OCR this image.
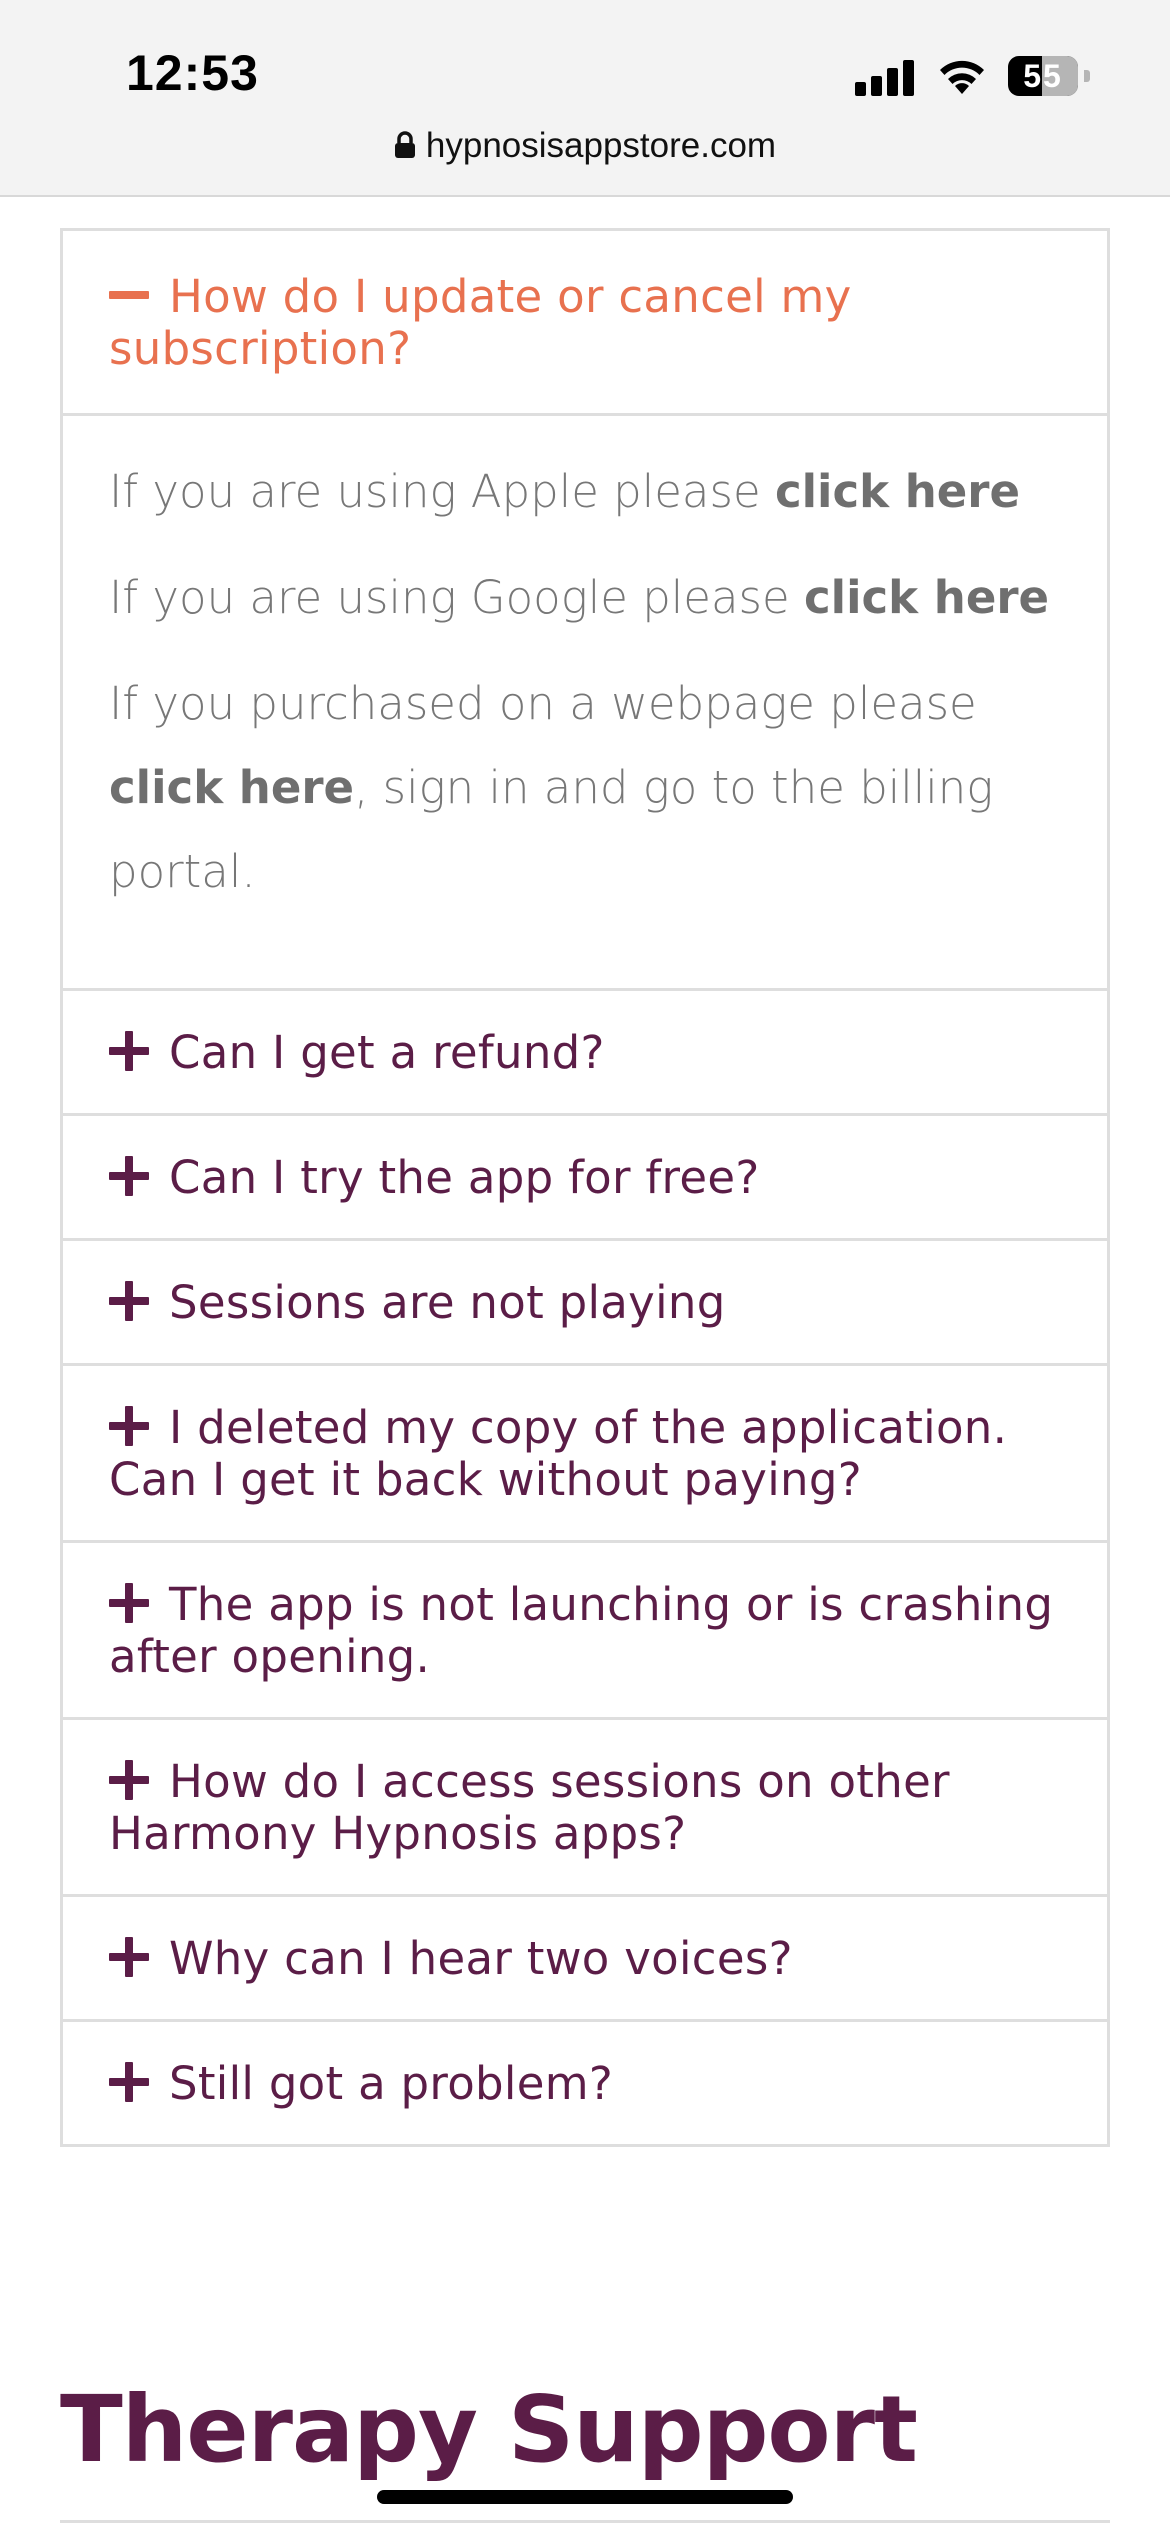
12:53	55
hypnosisappstore.com
How do I update or cancel my subscription?

If you are using Apple please click here

If you are using Google please click here

If you purchased on a webpage please click here, sign in and go to the billing portal.

Can I get a refund?
Can I try the app for free?
Sessions are not playing
I deleted my copy of the application. Can I get it back without paying?
The app is not launching or is crashing after opening.
How do I access sessions on other Harmony Hypnosis apps?
Why can I hear two voices?
Still got a problem?
Therapy Support
